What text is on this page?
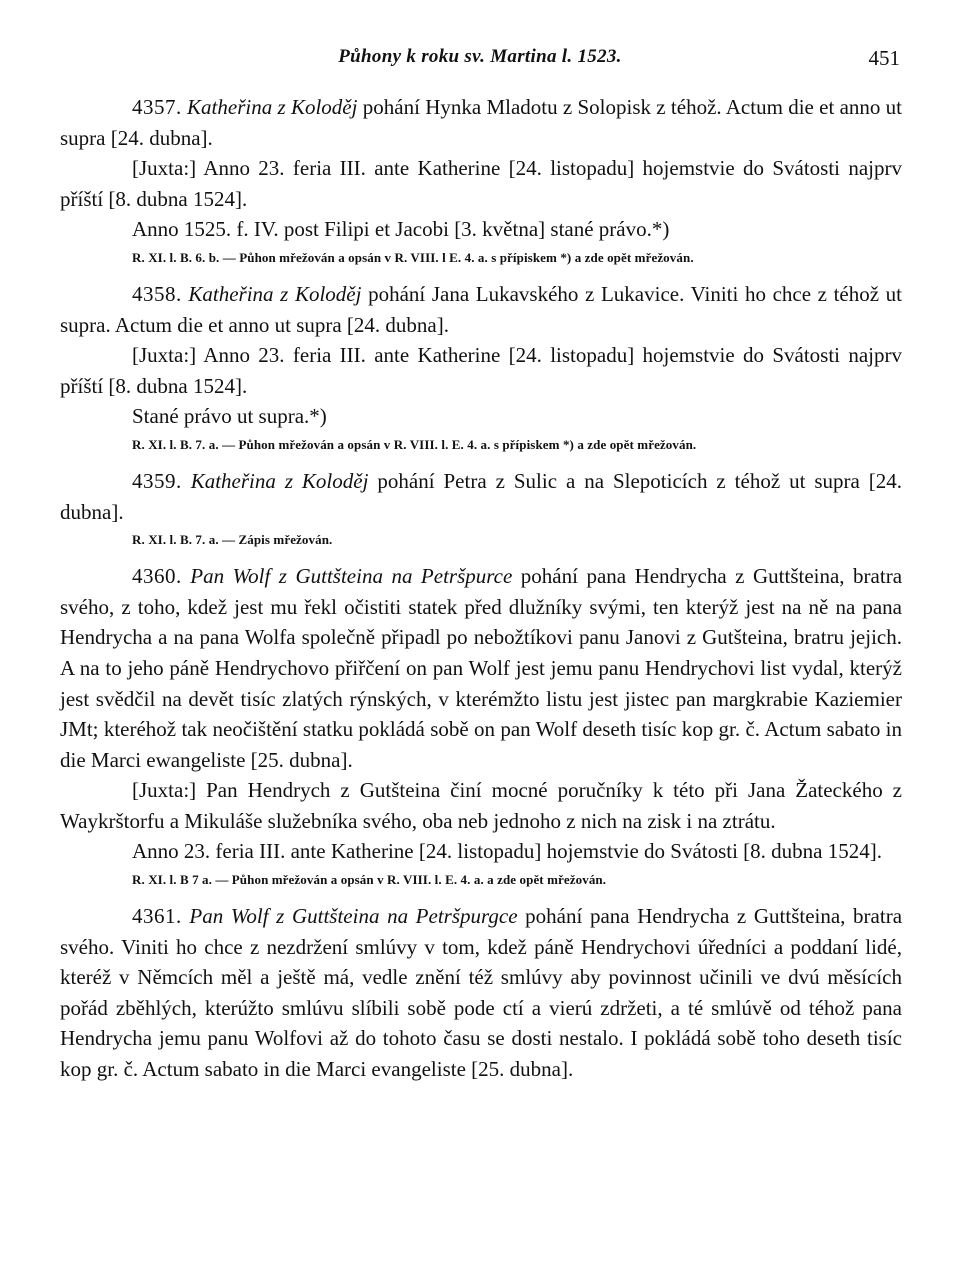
Půhony k roku sv. Martina l. 1523.	451

4357. Katheřina z Koloděj pohání Hynka Mladotu z Solopisk z téhož. Actum die et anno ut supra [24. dubna].

[Juxta:] Anno 23. feria III. ante Katherine [24. listopadu] hojemstvie do Svátosti najprv příští [8. dubna 1524].

Anno 1525. f. IV. post Filipi et Jacobi [3. května] stané právo.*)

R. XI. l. B. 6. b. — Půhon mřežován a opsán v R. VIII. l E. 4. a. s přípiskem *) a zde opět mřežován.

4358. Katheřina z Koloděj pohání Jana Lukavského z Lukavice. Viniti ho chce z téhož ut supra. Actum die et anno ut supra [24. dubna].

[Juxta:] Anno 23. feria III. ante Katherine [24. listopadu] hojemstvie do Svátosti najprv příští [8. dubna 1524].

Stané právo ut supra.*)

R. XI. l. B. 7. a. — Půhon mřežován a opsán v R. VIII. l. E. 4. a. s přípiskem *) a zde opět mřežován.

4359. Katheřina z Koloděj pohání Petra z Sulic a na Slepoticích z téhož ut supra [24. dubna].

R. XI. l. B. 7. a. — Zápis mřežován.

4360. Pan Wolf z Guttšteina na Petršpurce pohání pana Hendrycha z Guttšteina, bratra svého, z toho, kdež jest mu řekl očistiti statek před dlužníky svými, ten kterýž jest na ně na pana Hendrycha a na pana Wolfa společně připadl po nebožtíkovi panu Janovi z Gutšteina, bratru jejich. A na to jeho páně Hendrychovo přiřčení on pan Wolf jest jemu panu Hendrychovi list vydal, kterýž jest svědčil na devět tisíc zlatých rýnských, v kterémžto listu jest jistec pan margkrabie Kaziemier JMt; kteréhož tak neočištění statku pokládá sobě on pan Wolf deseth tisíc kop gr. č. Actum sabato in die Marci ewangeliste [25. dubna].

[Juxta:] Pan Hendrych z Gutšteina činí mocné poručníky k této při Jana Žateckého z Waykrštorfu a Mikuláše služebníka svého, oba neb jednoho z nich na zisk i na ztrátu.

Anno 23. feria III. ante Katherine [24. listopadu] hojemstvie do Svátosti [8. dubna 1524].

R. XI. l. B 7 a. — Půhon mřežován a opsán v R. VIII. l. E. 4. a. a zde opět mřežován.

4361. Pan Wolf z Guttšteina na Petršpurgce pohání pana Hendrycha z Guttšteina, bratra svého. Viniti ho chce z nezdržení smlúvy v tom, kdež páně Hendrychovi úředníci a poddaní lidé, kteréž v Němcích měl a ještě má, vedle znění též smlúvy aby povinnost učinili ve dvú měsících pořád zběhlých, kterúžto smlúvu slíbili sobě pode ctí a vierú zdržeti, a té smlúvě od téhož pana Hendrycha jemu panu Wolfovi až do tohoto času se dosti nestalo. I pokládá sobě toho deseth tisíc kop gr. č. Actum sabato in die Marci evangeliste [25. dubna].
